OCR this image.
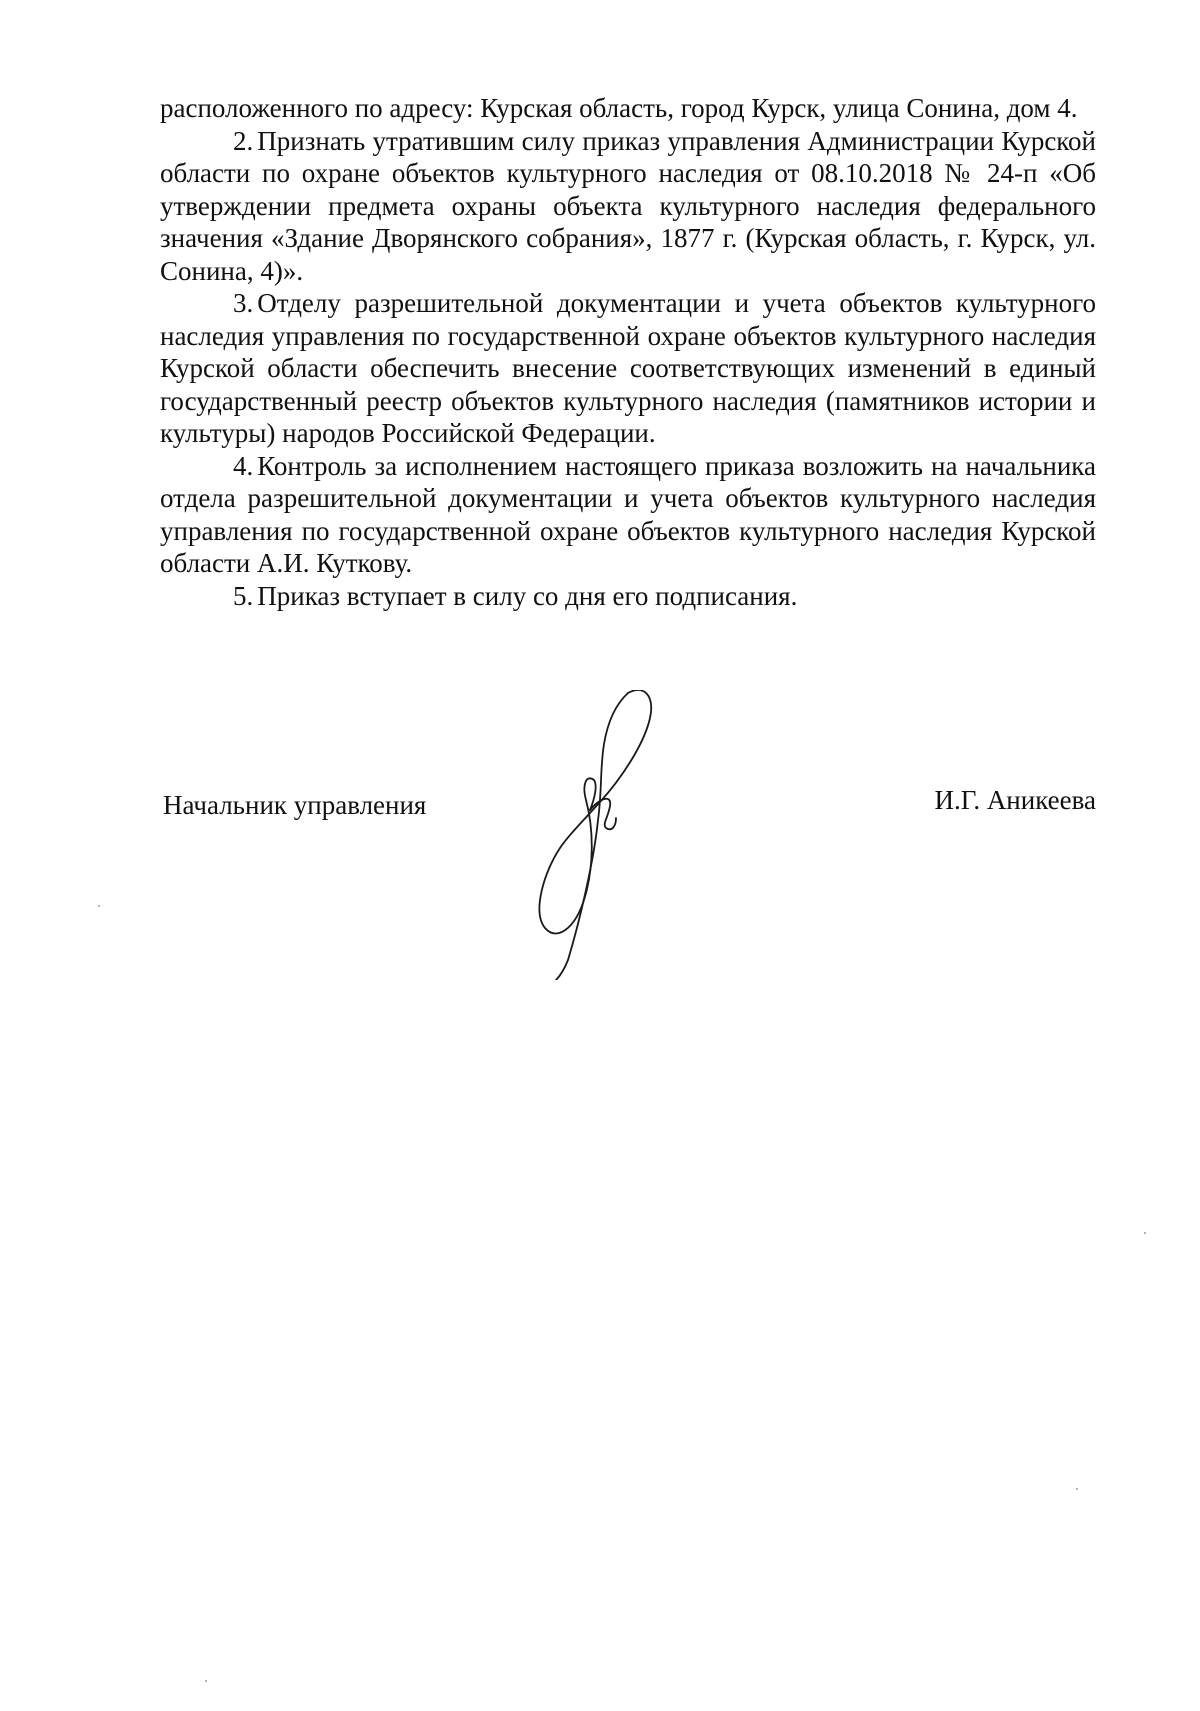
расположенного по адресу: Курская область, город Курск, улица Сонина, дом 4.

2. Признать утратившим силу приказ управления Администрации Курской области по охране объектов культурного наследия от 08.10.2018 № 24-п «Об утверждении предмета охраны объекта культурного наследия федерального значения «Здание Дворянского собрания», 1877 г. (Курская область, г. Курск, ул. Сонина, 4)».

3. Отделу разрешительной документации и учета объектов культурного наследия управления по государственной охране объектов культурного наследия Курской области обеспечить внесение соответствующих изменений в единый государственный реестр объектов культурного наследия (памятников истории и культуры) народов Российской Федерации.

4. Контроль за исполнением настоящего приказа возложить на начальника отдела разрешительной документации и учета объектов культурного наследия управления по государственной охране объектов культурного наследия Курской области А.И. Куткову.

5. Приказ вступает в силу со дня его подписания.

Начальник управления	И.Г. Аникеева
